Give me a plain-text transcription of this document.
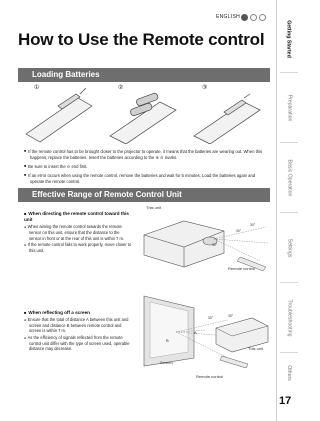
ENGLISH
How to Use the Remote control
Loading Batteries
①	②	③

■ If the remote control has to be brought closer to the projector to operate, it means that the batteries are wearing out. When this happens, replace the batteries. Insert the batteries according to the ⊕ ⊖ marks.

■ Be sure to insert the ⊖ end first.

■ If an error occurs when using the remote control, remove the batteries and wait for 5 minutes. Load the batteries again and operate the remote control.

Effective Range of Remote Control Unit
■ When directing the remote control toward this unit

● When aiming the remote control towards the remote sensor on this unit, ensure that the distance to the sensor in front or at the rear of this unit is within 7 m.

● If the remote control fails to work properly, move closer to this unit.

This unit
30°
30°
30°
Remote control
■ When reflecting off a screen

● Ensure that the total of distance A between this unit and screen and distance B between remote control and screen is within 7 m.

● As the efficiency of signals reflected from the remote control unit differ with the type of screen used, operable distance may decrease.

30°	30°
A
B
This unit
Screen
Remote control
Getting Started
Preparation
Basic Operation
Settings
Troubleshooting
Others
17
